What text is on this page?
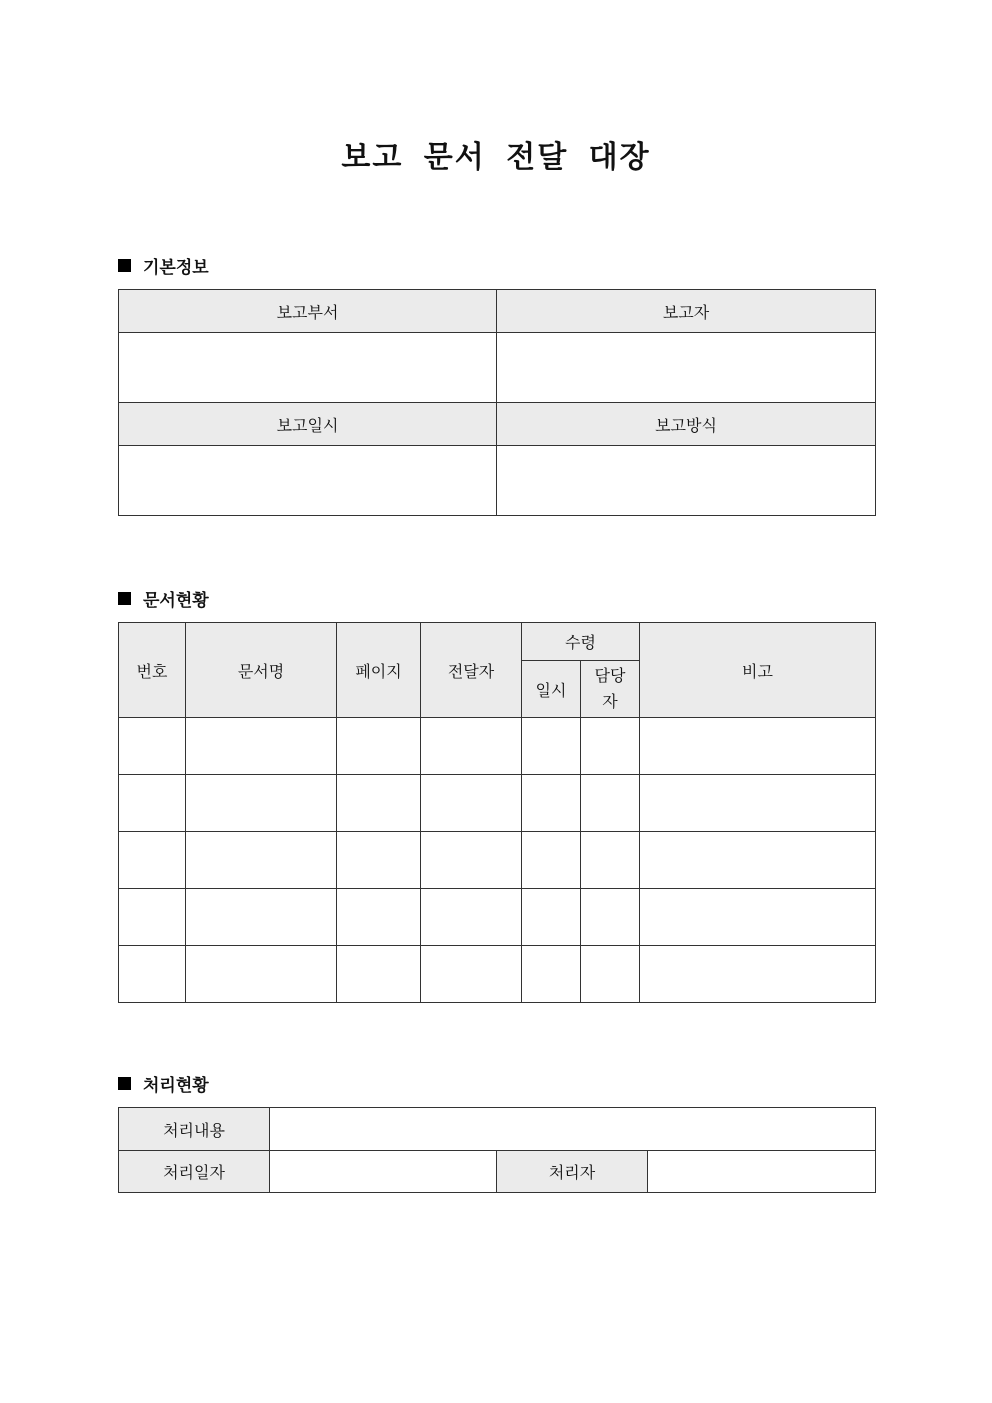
보고 문서 전달 대장
기본정보
보고부서	보고자

보고일시	보고방식

문서현황
번호	문서명	페이지	전달자	수령		비고
				일시	담당
자	

처리현황
처리내용			
처리일자		처리자	
